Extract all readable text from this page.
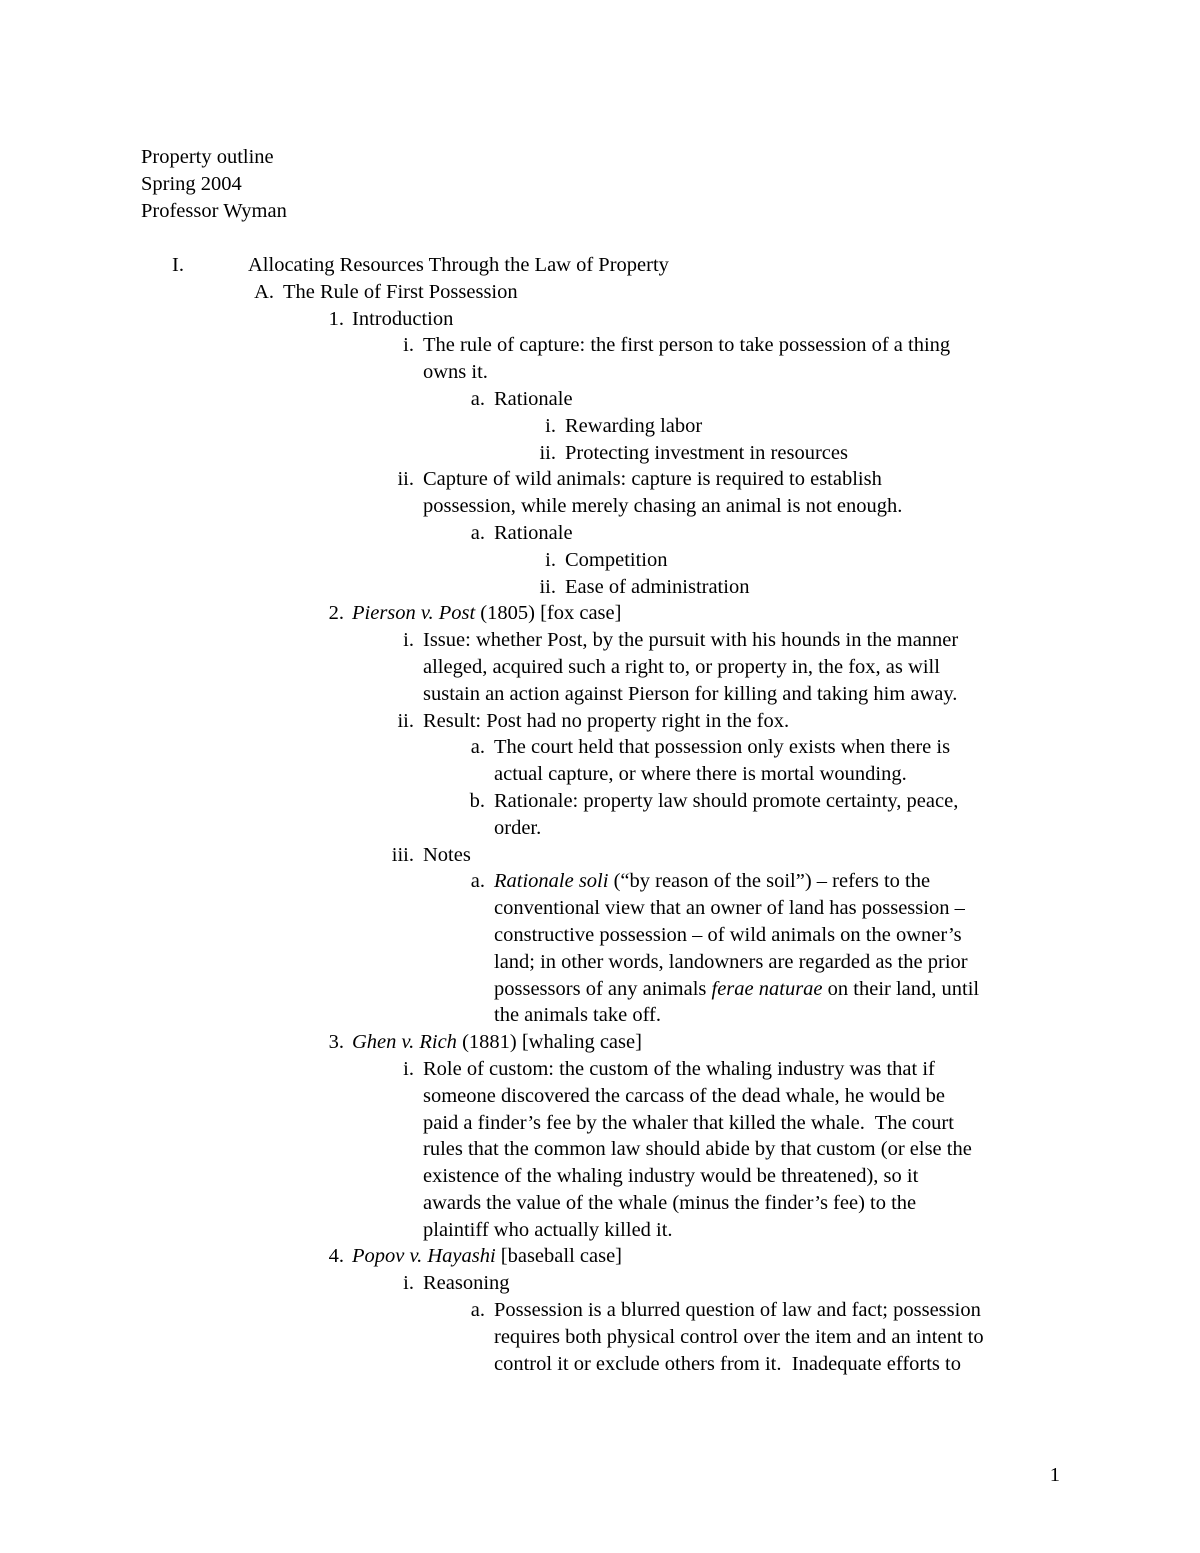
Property outline
Spring 2004
Professor Wyman
I.	Allocating Resources Through the Law of Property
A. The Rule of First Possession
1. Introduction
i. The rule of capture: the first person to take possession of a thing
owns it.
a. Rationale
i. Rewarding labor
ii. Protecting investment in resources
ii. Capture of wild animals: capture is required to establish
possession, while merely chasing an animal is not enough.
a. Rationale
i. Competition
ii. Ease of administration
2. Pierson v. Post (1805) [fox case]
i. Issue: whether Post, by the pursuit with his hounds in the manner
alleged, acquired such a right to, or property in, the fox, as will
sustain an action against Pierson for killing and taking him away.
ii. Result: Post had no property right in the fox.
a. The court held that possession only exists when there is
actual capture, or where there is mortal wounding.
b. Rationale: property law should promote certainty, peace,
order.
iii. Notes
a. Rationale soli (“by reason of the soil”) – refers to the
conventional view that an owner of land has possession –
constructive possession – of wild animals on the owner’s
land; in other words, landowners are regarded as the prior
possessors of any animals ferae naturae on their land, until
the animals take off.
3. Ghen v. Rich (1881) [whaling case]
i. Role of custom: the custom of the whaling industry was that if
someone discovered the carcass of the dead whale, he would be
paid a finder’s fee by the whaler that killed the whale.  The court
rules that the common law should abide by that custom (or else the
existence of the whaling industry would be threatened), so it
awards the value of the whale (minus the finder’s fee) to the
plaintiff who actually killed it.
4. Popov v. Hayashi [baseball case]
i. Reasoning
a. Possession is a blurred question of law and fact; possession
requires both physical control over the item and an intent to
control it or exclude others from it.  Inadequate efforts to
1
